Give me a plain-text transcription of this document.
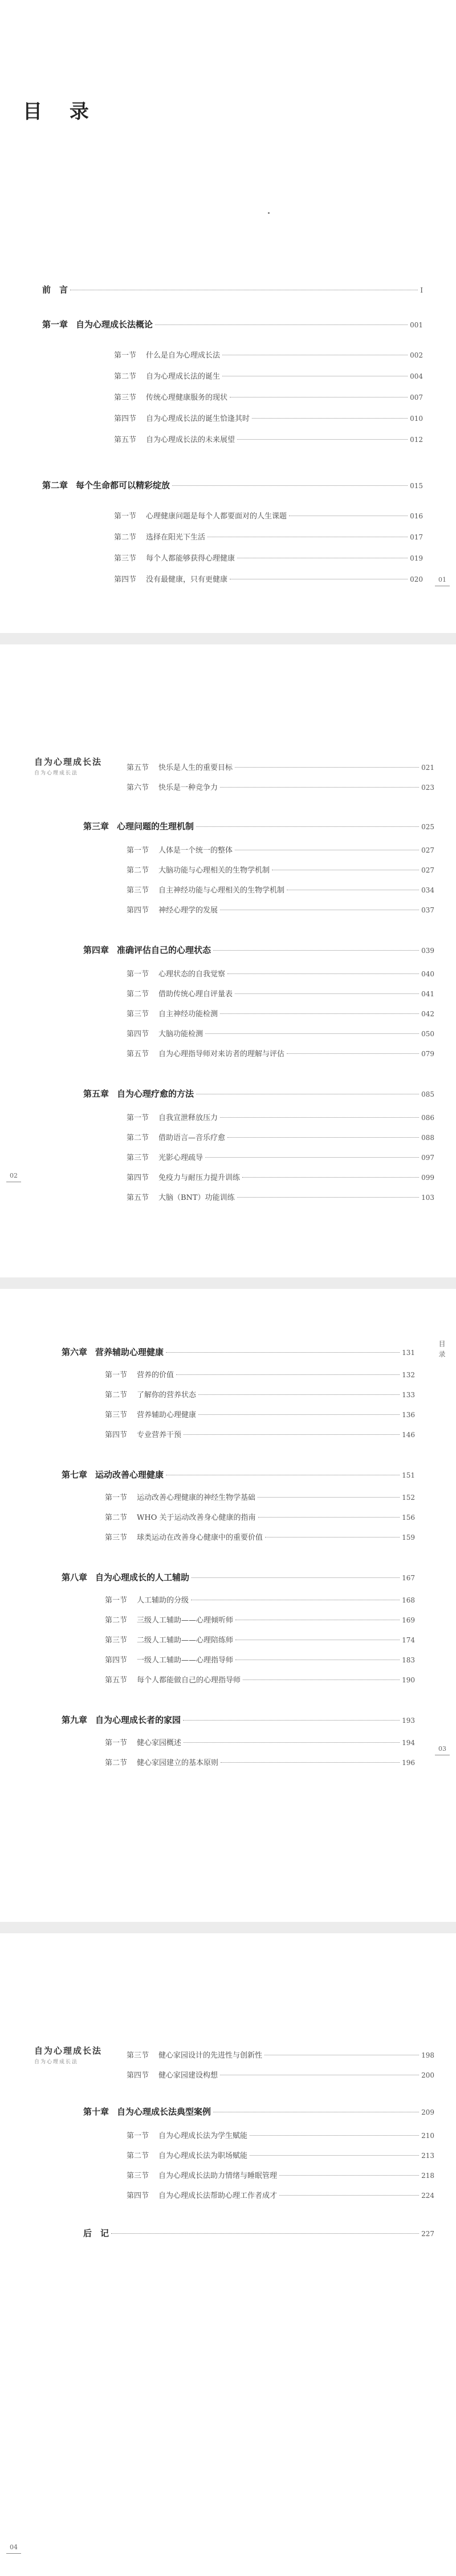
目 录
前　言	I
第一章 自为心理成长法概论	001
第一节 什么是自为心理成长法	002
第二节 自为心理成长法的诞生	004
第三节 传统心理健康服务的现状	007
第四节 自为心理成长法的诞生恰逢其时	010
第五节 自为心理成长法的未来展望	012
第二章 每个生命都可以精彩绽放	015
第一节 心理健康问题是每个人都要面对的人生课题	016
第二节 选择在阳光下生活	017
第三节 每个人都能够获得心理健康	019
第四节 没有最健康，只有更健康	020	01
自为心理成长法
自为心理成长法
第五节 快乐是人生的重要目标	021
第六节 快乐是一种竞争力	023
第三章 心理问题的生理机制	025
第一节 人体是一个统一的整体	027
第二节 大脑功能与心理相关的生物学机制	027
第三节 自主神经功能与心理相关的生物学机制	034
第四节 神经心理学的发展	037
第四章 准确评估自己的心理状态	039
第一节 心理状态的自我觉察	040
第二节 借助传统心理自评量表	041
第三节 自主神经功能检测	042
第四节 大脑功能检测	050
第五节 自为心理指导师对来访者的理解与评估	079
第五章 自为心理疗愈的方法	085
第一节 自我宣泄释放压力	086
第二节 借助语言—音乐疗愈	088
第三节 光影心理疏导	097
第四节 免疫力与耐压力提升训练	099
第五节 大脑（BNT）功能训练	103
02
目录
第六章 营养辅助心理健康	131
第一节 营养的价值	132
第二节 了解你的营养状态	133
第三节 营养辅助心理健康	136
第四节 专业营养干预	146
第七章 运动改善心理健康	151
第一节 运动改善心理健康的神经生物学基础	152
第二节 WHO 关于运动改善身心健康的指南	156
第三节 球类运动在改善身心健康中的重要价值	159
第八章 自为心理成长的人工辅助	167
第一节 人工辅助的分级	168
第二节 三级人工辅助——心理倾听师	169
第三节 二级人工辅助——心理陪练师	174
第四节 一级人工辅助——心理指导师	183
第五节 每个人都能做自己的心理指导师	190
第九章 自为心理成长者的家园	193
第一节 健心家园概述	194
第二节 健心家园建立的基本原则	196
03
自为心理成长法
自为心理成长法
第三节 健心家园设计的先进性与创新性	198
第四节 健心家园建设构想	200
第十章 自为心理成长法典型案例	209
第一节 自为心理成长法为学生赋能	210
第二节 自为心理成长法为职场赋能	213
第三节 自为心理成长法助力情绪与睡眠管理	218
第四节 自为心理成长法帮助心理工作者成才	224
后　记	227
04
